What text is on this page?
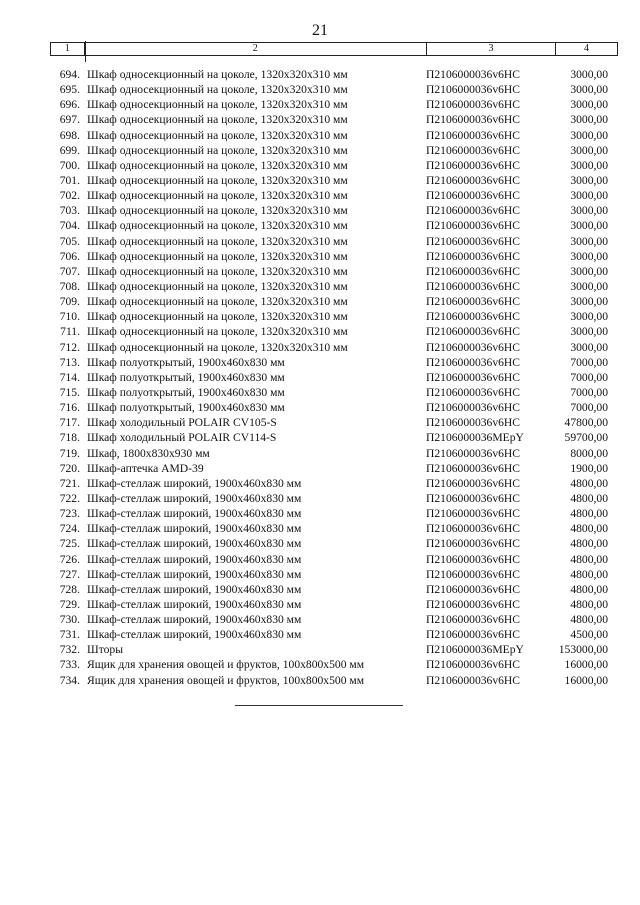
21
1	2	3	4
694. Шкаф односекционный на цоколе, 1320x320x310 мм	П2106000036v6HC	3000,00
695. Шкаф односекционный на цоколе, 1320x320x310 мм	П2106000036v6HC	3000,00
696. Шкаф односекционный на цоколе, 1320x320x310 мм	П2106000036v6HC	3000,00
697. Шкаф односекционный на цоколе, 1320x320x310 мм	П2106000036v6HC	3000,00
698. Шкаф односекционный на цоколе, 1320x320x310 мм	П2106000036v6HC	3000,00
699. Шкаф односекционный на цоколе, 1320x320x310 мм	П2106000036v6HC	3000,00
700. Шкаф односекционный на цоколе, 1320x320x310 мм	П2106000036v6HC	3000,00
701. Шкаф односекционный на цоколе, 1320x320x310 мм	П2106000036v6HC	3000,00
702. Шкаф односекционный на цоколе, 1320x320x310 мм	П2106000036v6HC	3000,00
703. Шкаф односекционный на цоколе, 1320x320x310 мм	П2106000036v6HC	3000,00
704. Шкаф односекционный на цоколе, 1320x320x310 мм	П2106000036v6HC	3000,00
705. Шкаф односекционный на цоколе, 1320x320x310 мм	П2106000036v6HC	3000,00
706. Шкаф односекционный на цоколе, 1320x320x310 мм	П2106000036v6HC	3000,00
707. Шкаф односекционный на цоколе, 1320x320x310 мм	П2106000036v6HC	3000,00
708. Шкаф односекционный на цоколе, 1320x320x310 мм	П2106000036v6HC	3000,00
709. Шкаф односекционный на цоколе, 1320x320x310 мм	П2106000036v6HC	3000,00
710. Шкаф односекционный на цоколе, 1320x320x310 мм	П2106000036v6HC	3000,00
711. Шкаф односекционный на цоколе, 1320x320x310 мм	П2106000036v6HC	3000,00
712. Шкаф односекционный на цоколе, 1320x320x310 мм	П2106000036v6HC	3000,00
713. Шкаф полуоткрытый, 1900x460x830 мм	П2106000036v6HC	7000,00
714. Шкаф полуоткрытый, 1900x460x830 мм	П2106000036v6HC	7000,00
715. Шкаф полуоткрытый, 1900x460x830 мм	П2106000036v6HC	7000,00
716. Шкаф полуоткрытый, 1900x460x830 мм	П2106000036v6HC	7000,00
717. Шкаф холодильный POLAIR CV105-S	П2106000036v6HC	47800,00
718. Шкаф холодильный POLAIR CV114-S	П2106000036МЕрY	59700,00
719. Шкаф, 1800x830x930 мм	П2106000036v6HC	8000,00
720. Шкаф-аптечка AMD-39	П2106000036v6HC	1900,00
721. Шкаф-стеллаж широкий, 1900x460x830 мм	П2106000036v6HC	4800,00
722. Шкаф-стеллаж широкий, 1900x460x830 мм	П2106000036v6HC	4800,00
723. Шкаф-стеллаж широкий, 1900x460x830 мм	П2106000036v6HC	4800,00
724. Шкаф-стеллаж широкий, 1900x460x830 мм	П2106000036v6HC	4800,00
725. Шкаф-стеллаж широкий, 1900x460x830 мм	П2106000036v6HC	4800,00
726. Шкаф-стеллаж широкий, 1900x460x830 мм	П2106000036v6HC	4800,00
727. Шкаф-стеллаж широкий, 1900x460x830 мм	П2106000036v6HC	4800,00
728. Шкаф-стеллаж широкий, 1900x460x830 мм	П2106000036v6HC	4800,00
729. Шкаф-стеллаж широкий, 1900x460x830 мм	П2106000036v6HC	4800,00
730. Шкаф-стеллаж широкий, 1900x460x830 мм	П2106000036v6HC	4800,00
731. Шкаф-стеллаж широкий, 1900x460x830 мм	П2106000036v6HC	4500,00
732. Шторы	П2106000036МЕрY	153000,00
733. Ящик для хранения овощей и фруктов, 100x800x500 мм	П2106000036v6HC	16000,00
734. Ящик для хранения овощей и фруктов, 100x800x500 мм	П2106000036v6HC	16000,00
